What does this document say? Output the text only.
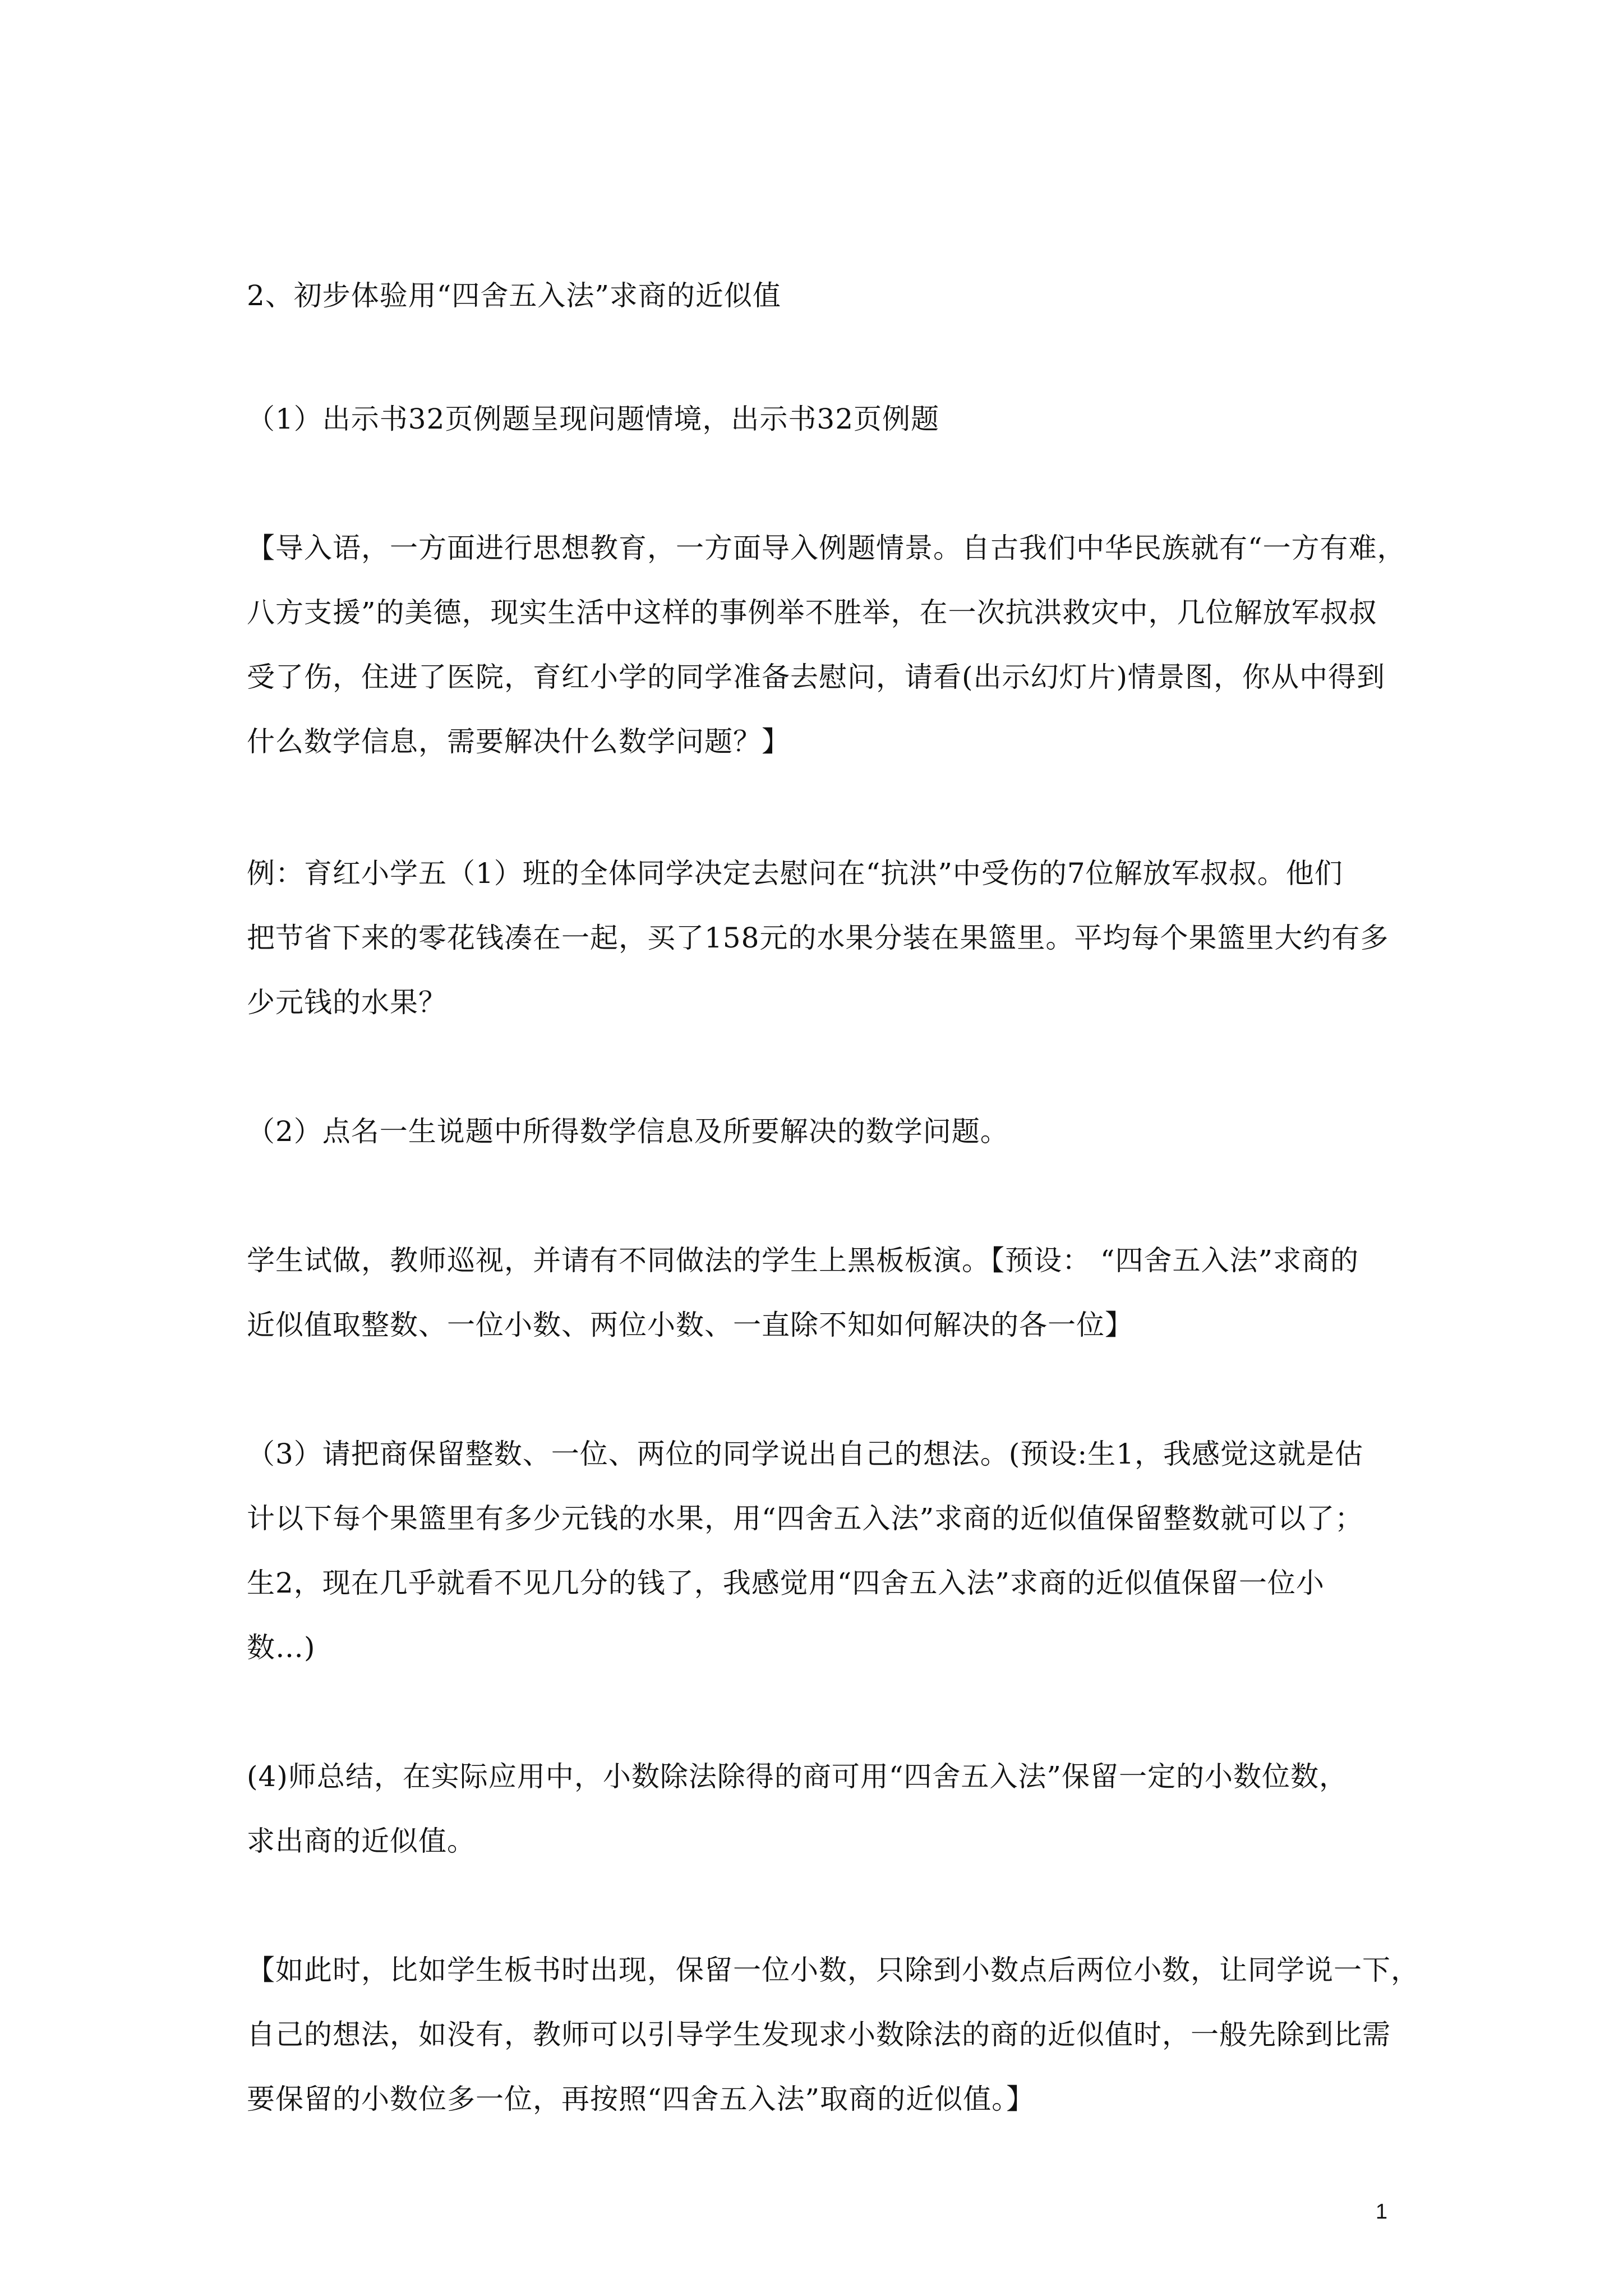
2、初步体验用“四舍五入法”求商的近似值
（1）出示书32页例题呈现问题情境，出示书32页例题
【导入语，一方面进行思想教育，一方面导入例题情景。自古我们中华民族就有“一方有难，
八方支援”的美德，现实生活中这样的事例举不胜举，在一次抗洪救灾中，几位解放军叔叔
受了伤，住进了医院，育红小学的同学准备去慰问，请看(出示幻灯片)情景图，你从中得到
什么数学信息，需要解决什么数学问题？】
例：育红小学五（1）班的全体同学决定去慰问在“抗洪”中受伤的7位解放军叔叔。他们
把节省下来的零花钱凑在一起，买了158元的水果分装在果篮里。平均每个果篮里大约有多
少元钱的水果？
（2）点名一生说题中所得数学信息及所要解决的数学问题。
学生试做，教师巡视，并请有不同做法的学生上黑板板演。【预设： “四舍五入法”求商的
近似值取整数、一位小数、两位小数、一直除不知如何解决的各一位】
（3）请把商保留整数、一位、两位的同学说出自己的想法。(预设:生1，我感觉这就是估
计以下每个果篮里有多少元钱的水果，用“四舍五入法”求商的近似值保留整数就可以了；
生2，现在几乎就看不见几分的钱了，我感觉用“四舍五入法”求商的近似值保留一位小
数…)
(4)师总结，在实际应用中，小数除法除得的商可用“四舍五入法”保留一定的小数位数，
求出商的近似值。
【如此时，比如学生板书时出现，保留一位小数，只除到小数点后两位小数，让同学说一下，
自己的想法，如没有，教师可以引导学生发现求小数除法的商的近似值时，一般先除到比需
要保留的小数位多一位，再按照“四舍五入法”取商的近似值。】
1
